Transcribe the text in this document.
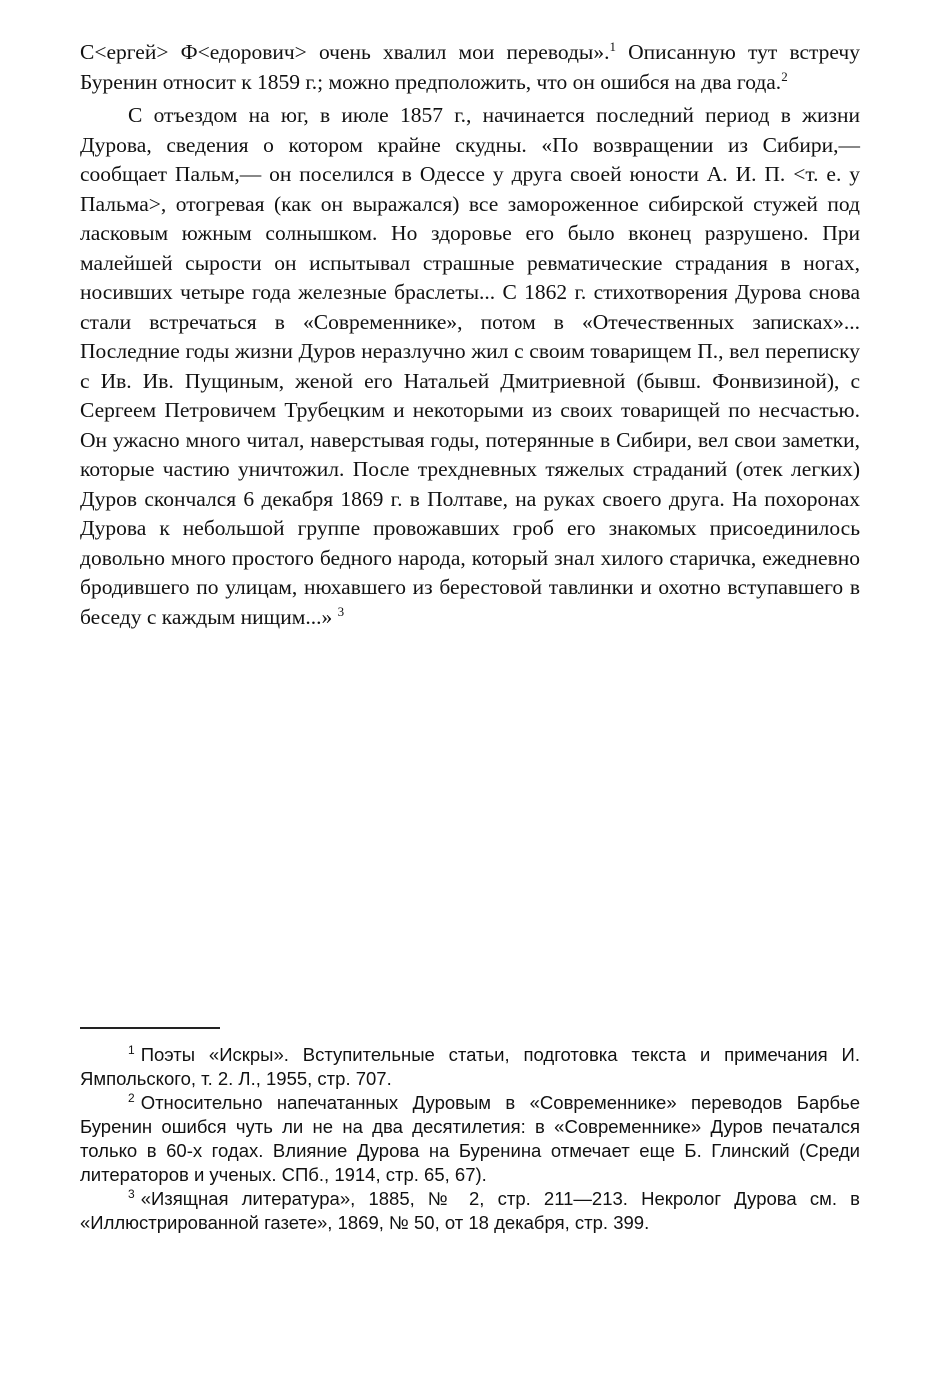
С<ергей> Ф<едорович> очень хвалил мои переводы».$^1$ Описанную тут встречу Буренин относит к 1859 г.; можно предположить, что он ошибся на два года.$^2$

С отъездом на юг, в июле 1857 г., начинается последний период в жизни Дурова, сведения о котором крайне скудны. «По возвращении из Сибири,— сообщает Пальм,— он поселился в Одессе у друга своей юности А. И. П. <т. е. у Пальма>, отогревая (как он выражался) все замороженное сибирской стужей под ласковым южным солнышком. Но здоровье его было вконец разрушено. При малейшей сырости он испытывал страшные ревматические страдания в ногах, носивших четыре года железные браслеты... С 1862 г. стихотворения Дурова снова стали встречаться в «Современнике», потом в «Отечественных записках»... Последние годы жизни Дуров неразлучно жил с своим товарищем П., вел переписку с Ив. Ив. Пущиным, женой его Натальей Дмитриевной (бывш. Фонвизиной), с Сергеем Петровичем Трубецким и некоторыми из своих товарищей по несчастью. Он ужасно много читал, наверстывая годы, потерянные в Сибири, вел свои заметки, которые частию уничтожил. После трехдневных тяжелых страданий (отек легких) Дуров скончался 6 декабря 1869 г. в Полтаве, на руках своего друга. На похоронах Дурова к небольшой группе провожавших гроб его знакомых присоединилось довольно много простого бедного народа, который знал хилого старичка, ежедневно бродившего по улицам, нюхавшего из берестовой тавлинки и охотно вступавшего в беседу с каждым нищим...» $^3$

$^1$ Поэты «Искры». Вступительные статьи, подготовка текста и примечания И. Ямпольского, т. 2. Л., 1955, стр. 707.

$^2$ Относительно напечатанных Дуровым в «Современнике» переводов Барбье Буренин ошибся чуть ли не на два десятилетия: в «Современнике» Дуров печатался только в 60-х годах. Влияние Дурова на Буренина отмечает еще Б. Глинский (Среди литераторов и ученых. СПб., 1914, стр. 65, 67).

$^3$ «Изящная литература», 1885, № 2, стр. 211—213. Некролог Дурова см. в «Иллюстрированной газете», 1869, № 50, от 18 декабря, стр. 399.
